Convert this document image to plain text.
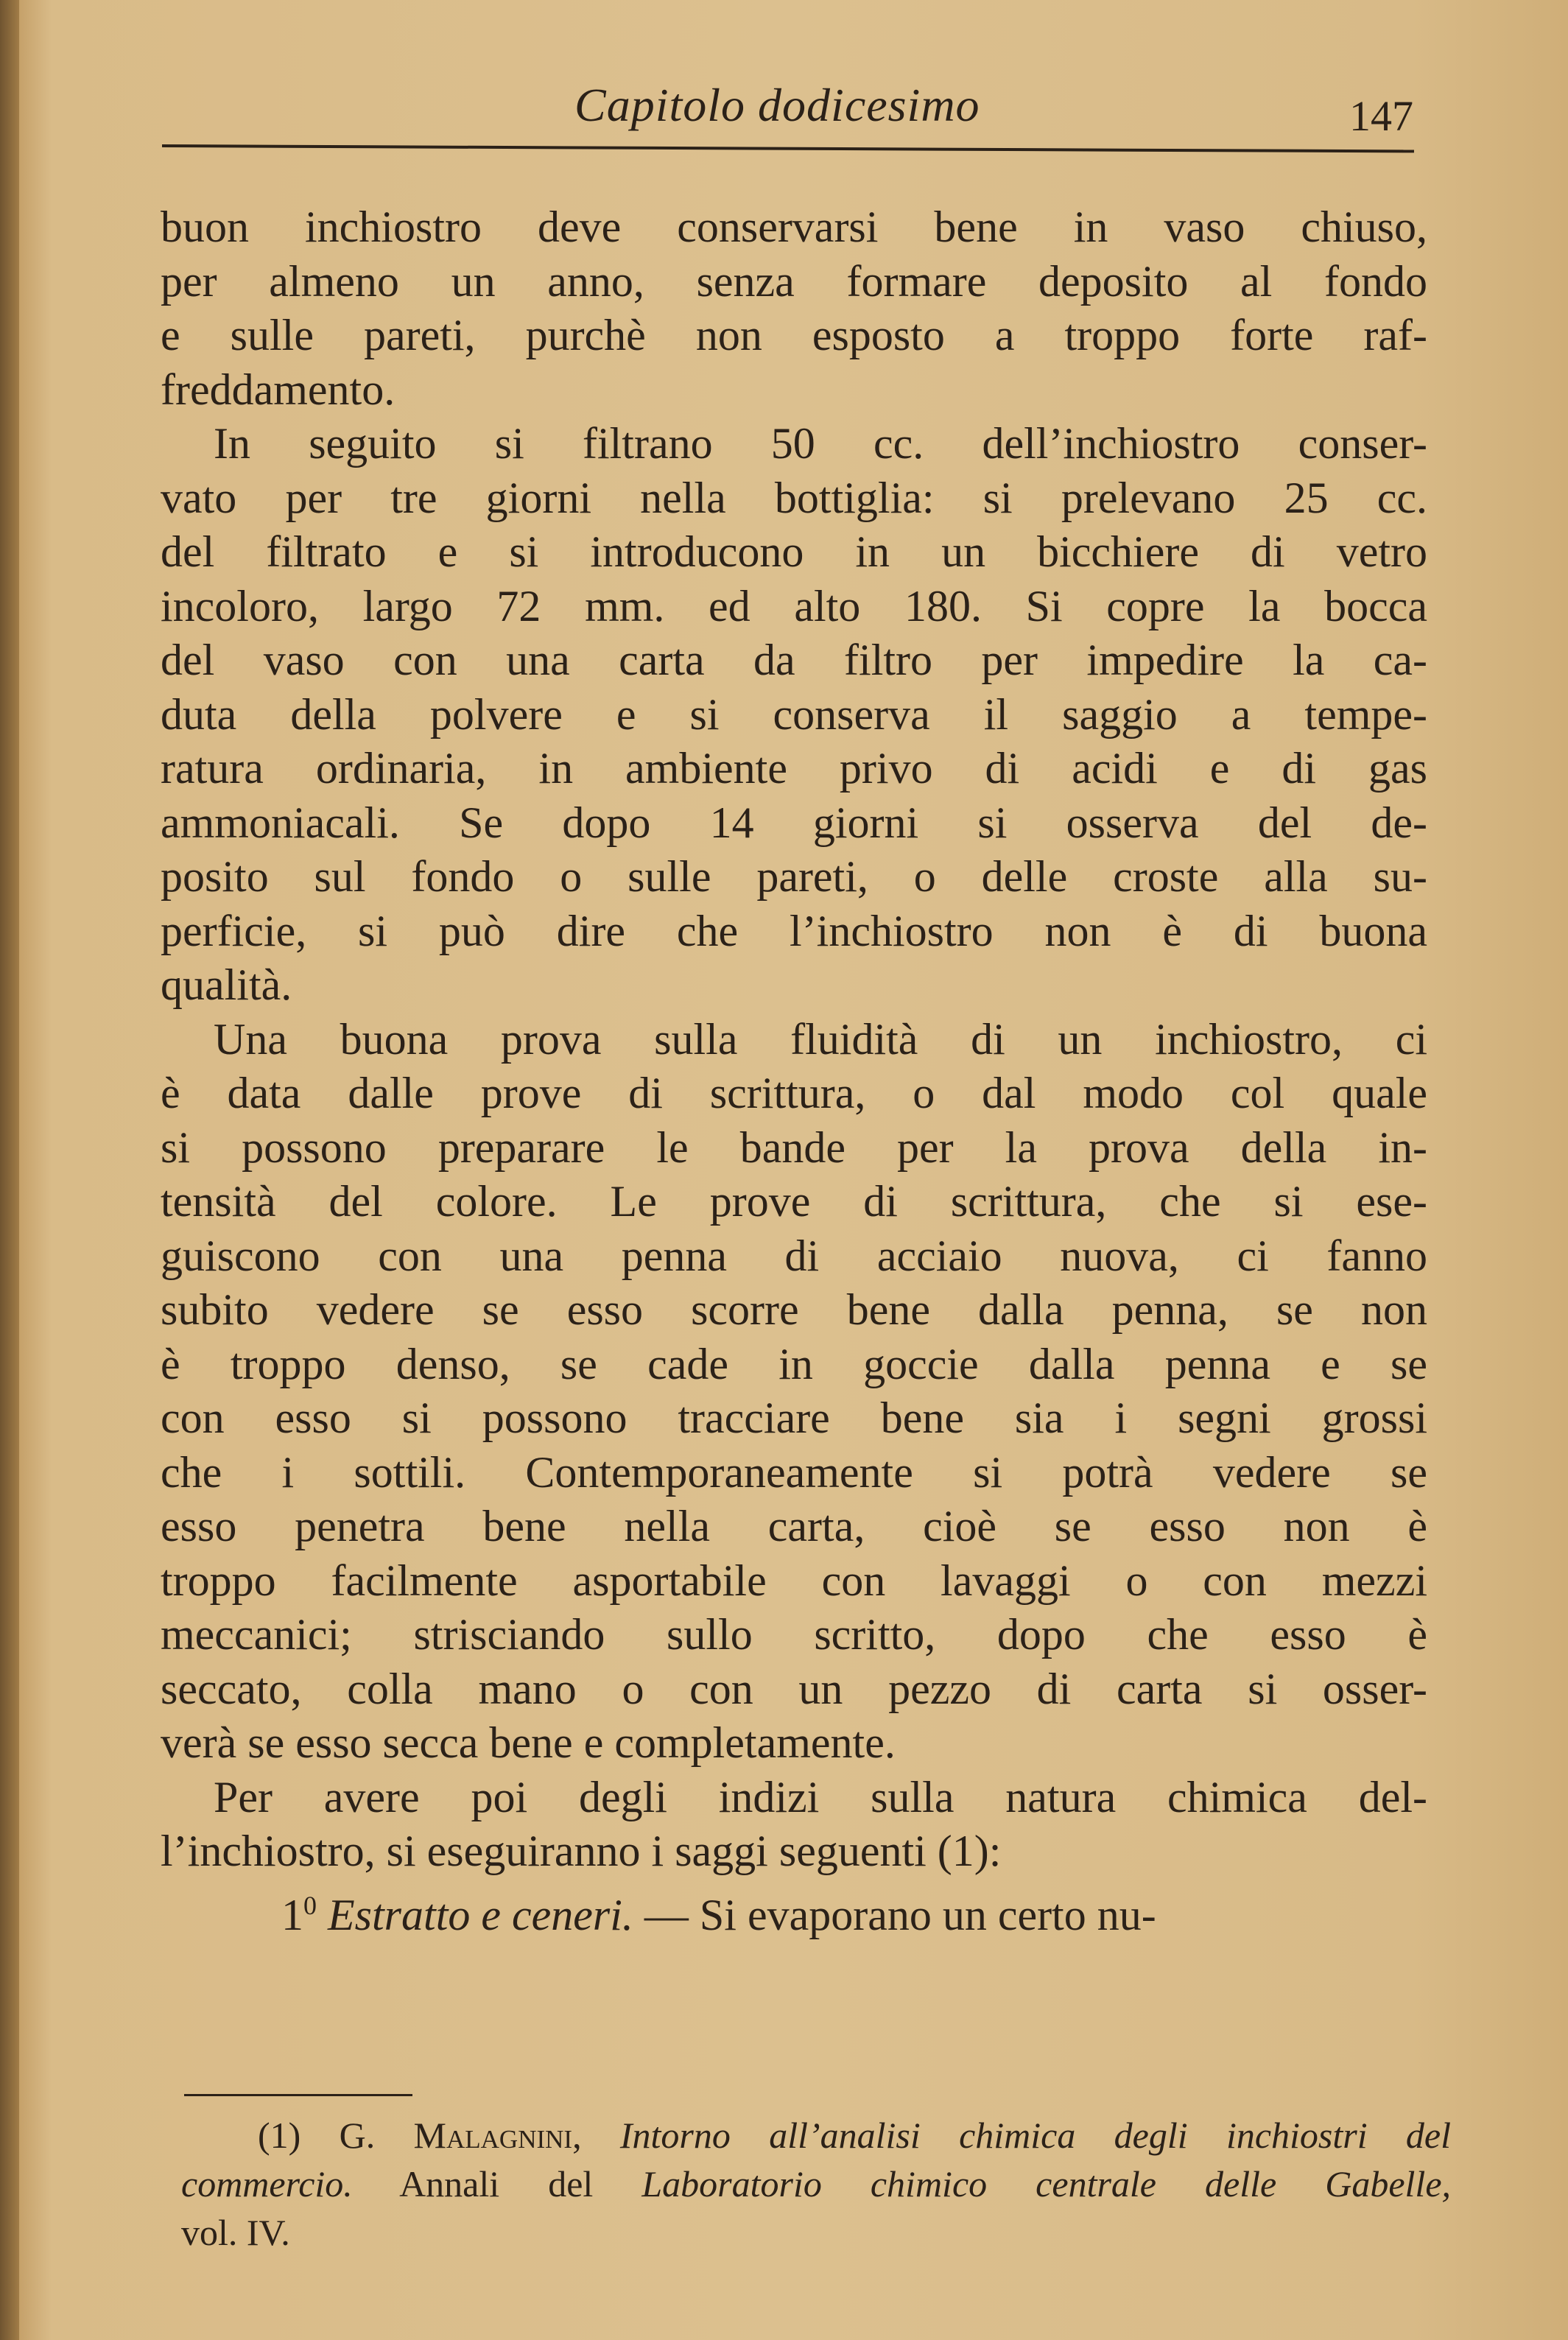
Capitolo dodicesimo	147
buon inchiostro deve conservarsi bene in vaso chiuso,
per almeno un anno, senza formare deposito al fondo
e sulle pareti, purchè non esposto a troppo forte raf-
freddamento.
In seguito si filtrano 50 cc. dell’inchiostro conser-
vato per tre giorni nella bottiglia: si prelevano 25 cc.
del filtrato e si introducono in un bicchiere di vetro
incoloro, largo 72 mm. ed alto 180. Si copre la bocca
del vaso con una carta da filtro per impedire la ca-
duta della polvere e si conserva il saggio a tempe-
ratura ordinaria, in ambiente privo di acidi e di gas
ammoniacali. Se dopo 14 giorni si osserva del de-
posito sul fondo o sulle pareti, o delle croste alla su-
perficie, si può dire che l’inchiostro non è di buona
qualità.
Una buona prova sulla fluidità di un inchiostro, ci
è data dalle prove di scrittura, o dal modo col quale
si possono preparare le bande per la prova della in-
tensità del colore. Le prove di scrittura, che si ese-
guiscono con una penna di acciaio nuova, ci fanno
subito vedere se esso scorre bene dalla penna, se non
è troppo denso, se cade in goccie dalla penna e se
con esso si possono tracciare bene sia i segni grossi
che i sottili. Contemporaneamente si potrà vedere se
esso penetra bene nella carta, cioè se esso non è
troppo facilmente asportabile con lavaggi o con mezzi
meccanici; strisciando sullo scritto, dopo che esso è
seccato, colla mano o con un pezzo di carta si osser-
verà se esso secca bene e completamente.
Per avere poi degli indizi sulla natura chimica del-
l’inchiostro, si eseguiranno i saggi seguenti (1):
$1^0$ Estratto e ceneri. — Si evaporano un certo nu-
(1) G. Malagnini, Intorno all’analisi chimica degli inchiostri del
commercio. Annali del Laboratorio chimico centrale delle Gabelle,
vol. IV.
